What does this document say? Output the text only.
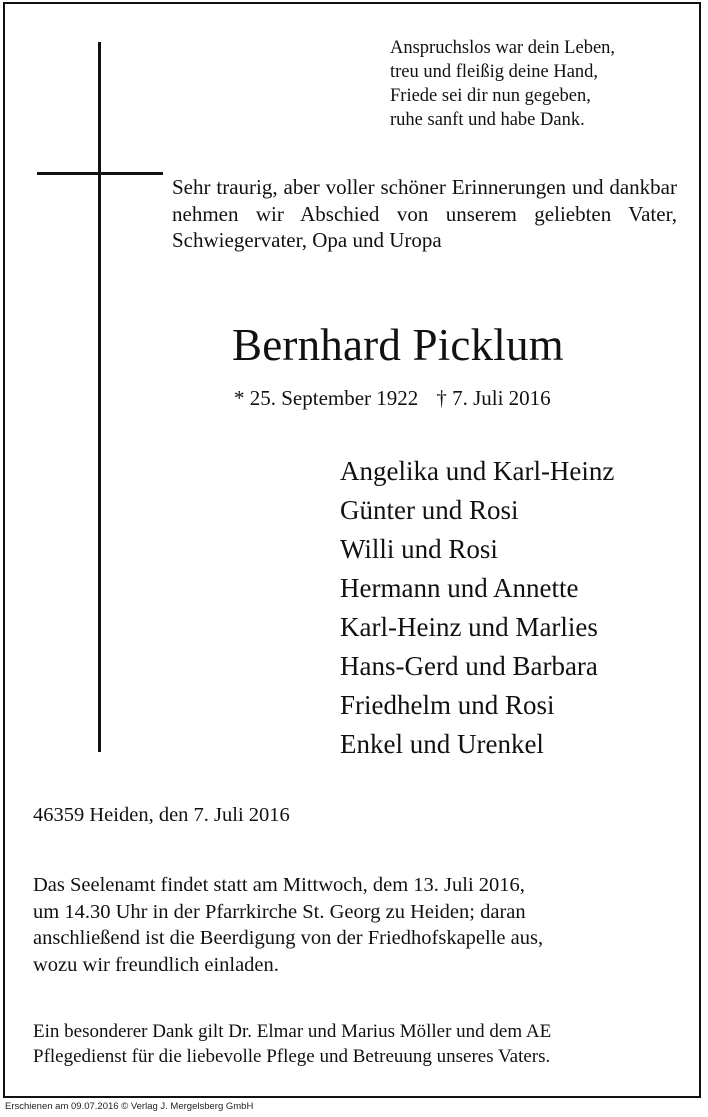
Anspruchslos war dein Leben,
treu und fleißig deine Hand,
Friede sei dir nun gegeben,
ruhe sanft und habe Dank.
Sehr traurig, aber voller schöner Erinnerungen und dankbar nehmen wir Abschied von unserem geliebten Vater, Schwiegervater, Opa und Uropa
Bernhard Picklum
* 25. September 1922 † 7. Juli 2016
Angelika und Karl-Heinz
Günter und Rosi
Willi und Rosi
Hermann und Annette
Karl-Heinz und Marlies
Hans-Gerd und Barbara
Friedhelm und Rosi
Enkel und Urenkel
46359 Heiden, den 7. Juli 2016
Das Seelenamt findet statt am Mittwoch, dem 13. Juli 2016,
um 14.30 Uhr in der Pfarrkirche St. Georg zu Heiden; daran
anschließend ist die Beerdigung von der Friedhofskapelle aus,
wozu wir freundlich einladen.
Ein besonderer Dank gilt Dr. Elmar und Marius Möller und dem AE
Pflegedienst für die liebevolle Pflege und Betreuung unseres Vaters.
Erschienen am 09.07.2016 © Verlag J. Mergelsberg GmbH
